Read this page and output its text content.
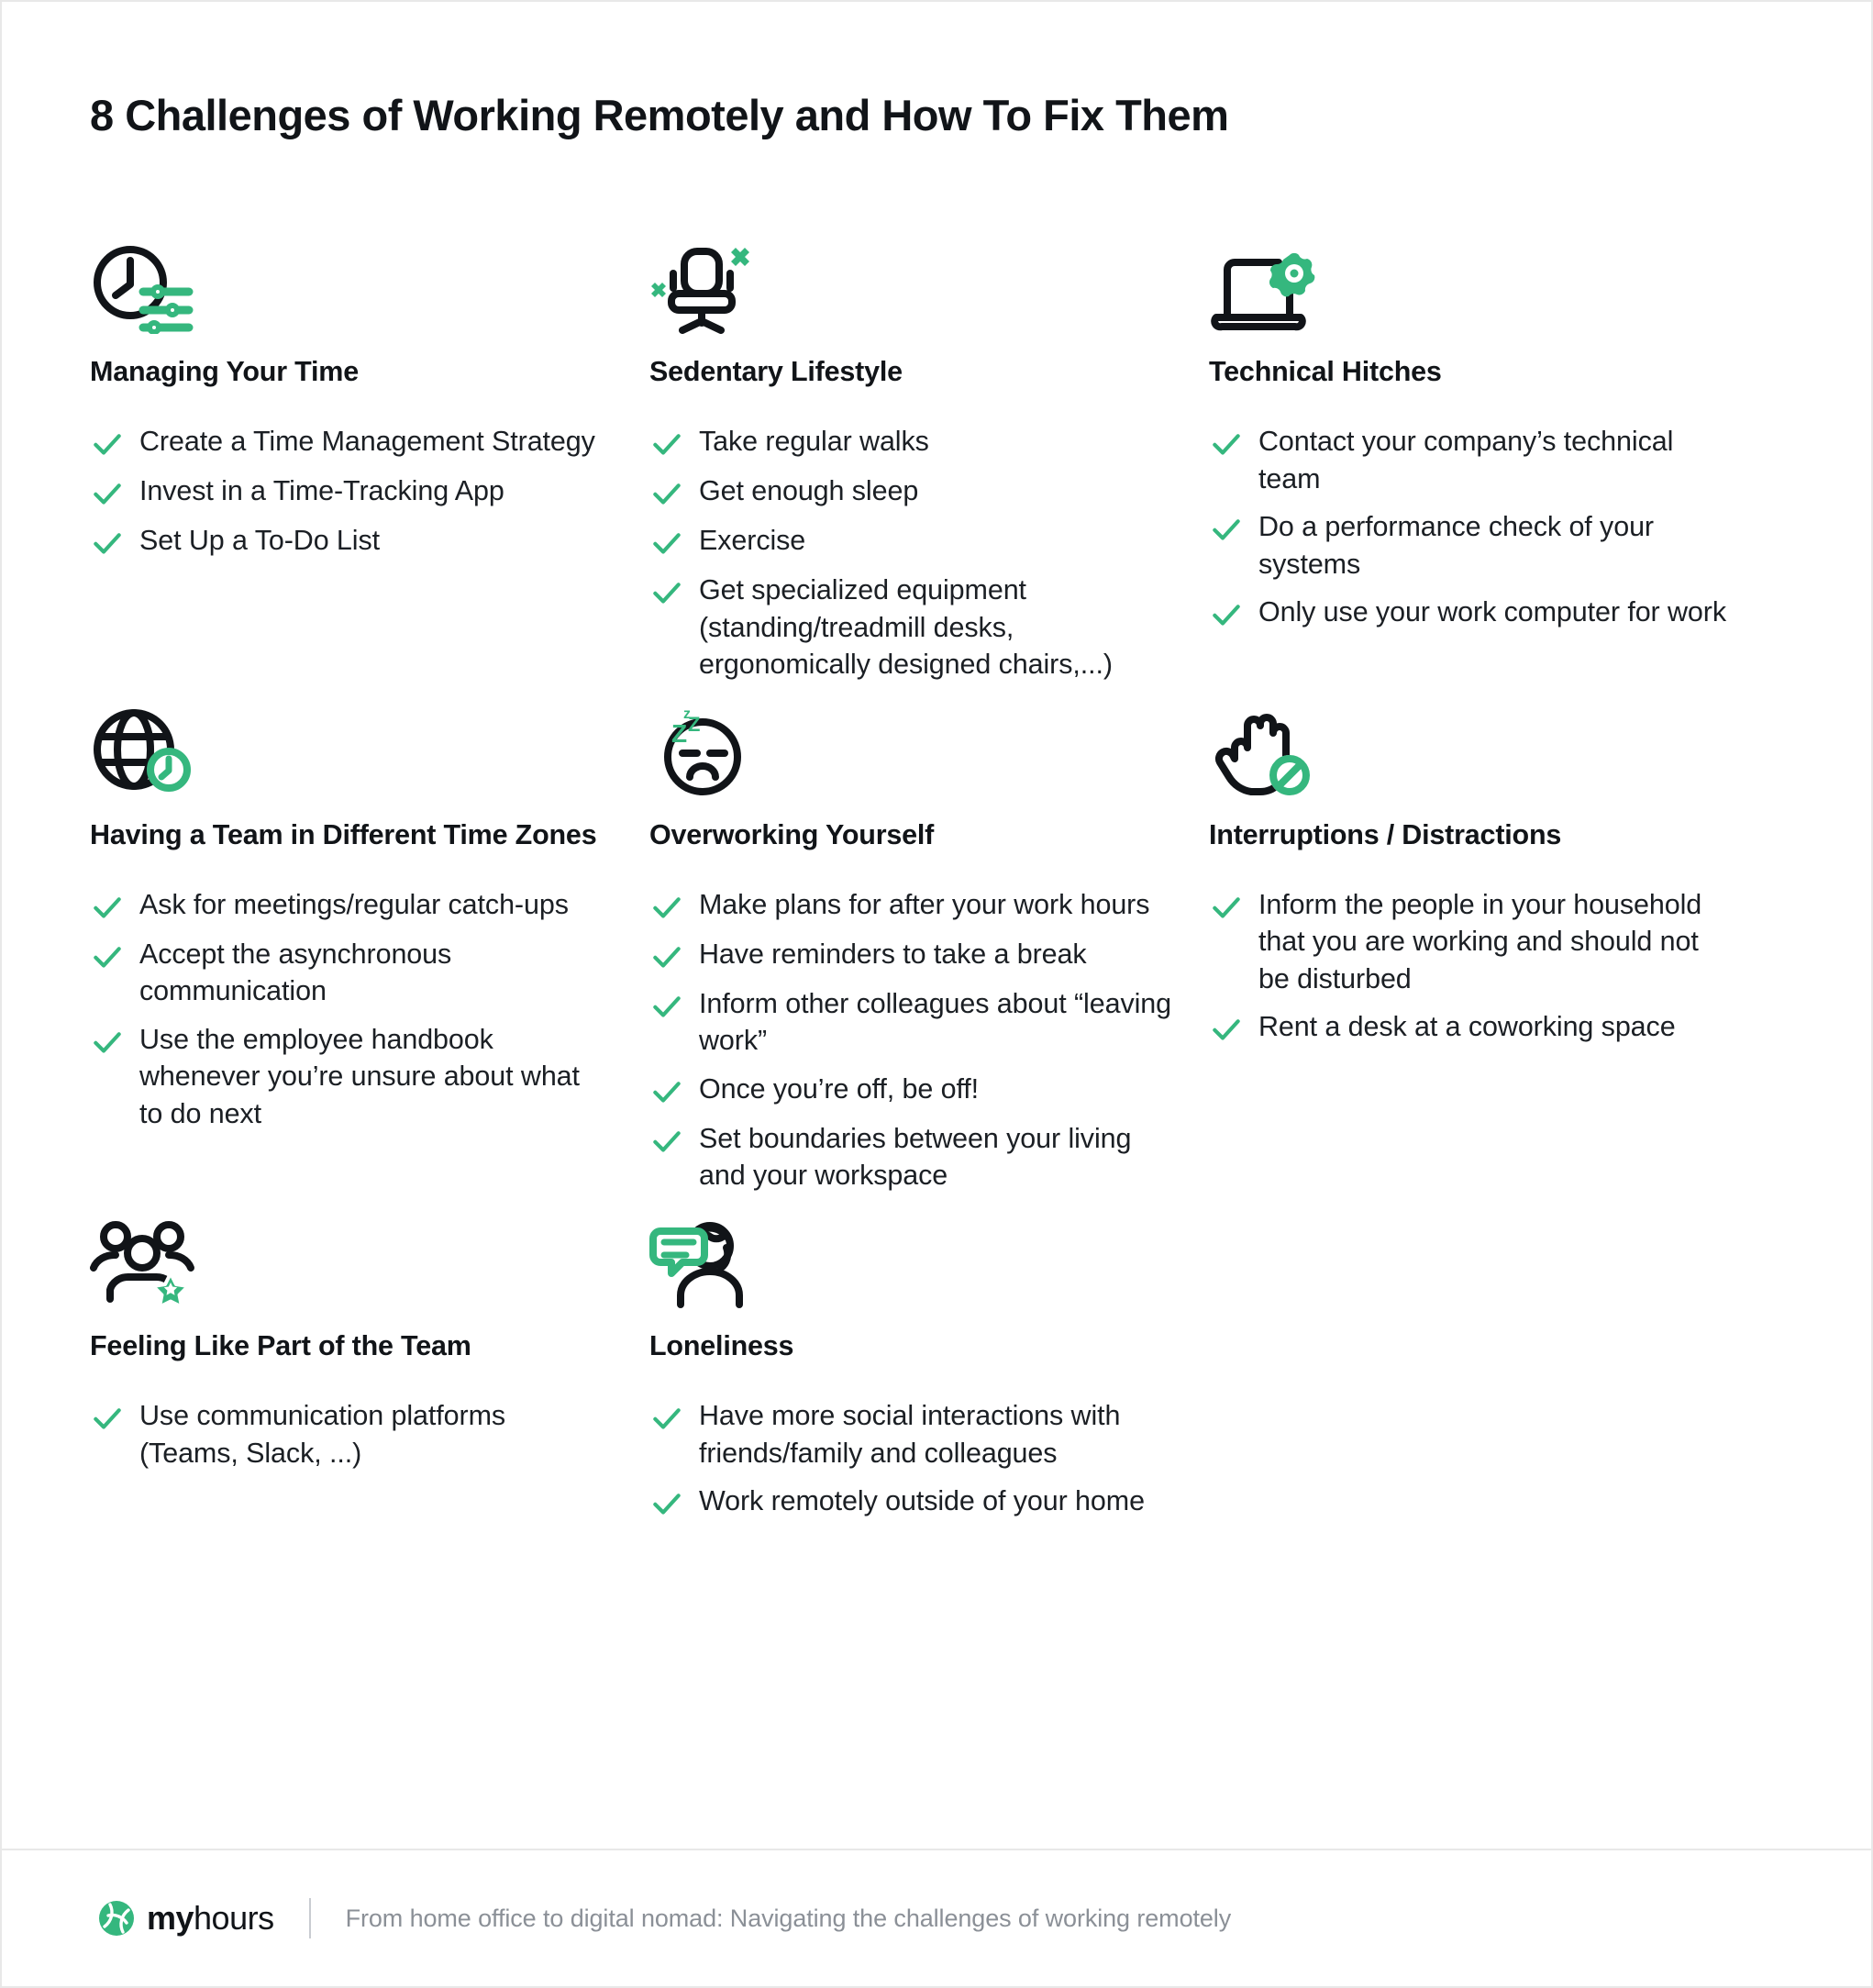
8 Challenges of Working Remotely and How To Fix Them
Managing Your Time
Create a Time Management Strategy
Invest in a Time-Tracking App
Set Up a To-Do List
Sedentary Lifestyle
Take regular walks
Get enough sleep
Exercise
Get specialized equipment (standing/treadmill desks, ergonomically designed chairs,...)
Technical Hitches
Contact your company’s technical team
Do a performance check of your systems
Only use your work computer for work
Having a Team in Different Time Zones
Ask for meetings/regular catch-ups
Accept the asynchronous communication
Use the employee handbook whenever you’re unsure about what to do next
Z Z
z
Overworking Yourself
Make plans for after your work hours
Have reminders to take a break
Inform other colleagues about “leaving work”
Once you’re off, be off!
Set boundaries between your living and your workspace
Interruptions / Distractions
Inform the people in your household that you are working and should not be disturbed
Rent a desk at a coworking space
Feeling Like Part of the Team
Use communication platforms (Teams, Slack, ...)
Loneliness
Have more social interactions with friends/family and colleagues
Work remotely outside of your home
myhours	From home office to digital nomad: Navigating the challenges of working remotely
